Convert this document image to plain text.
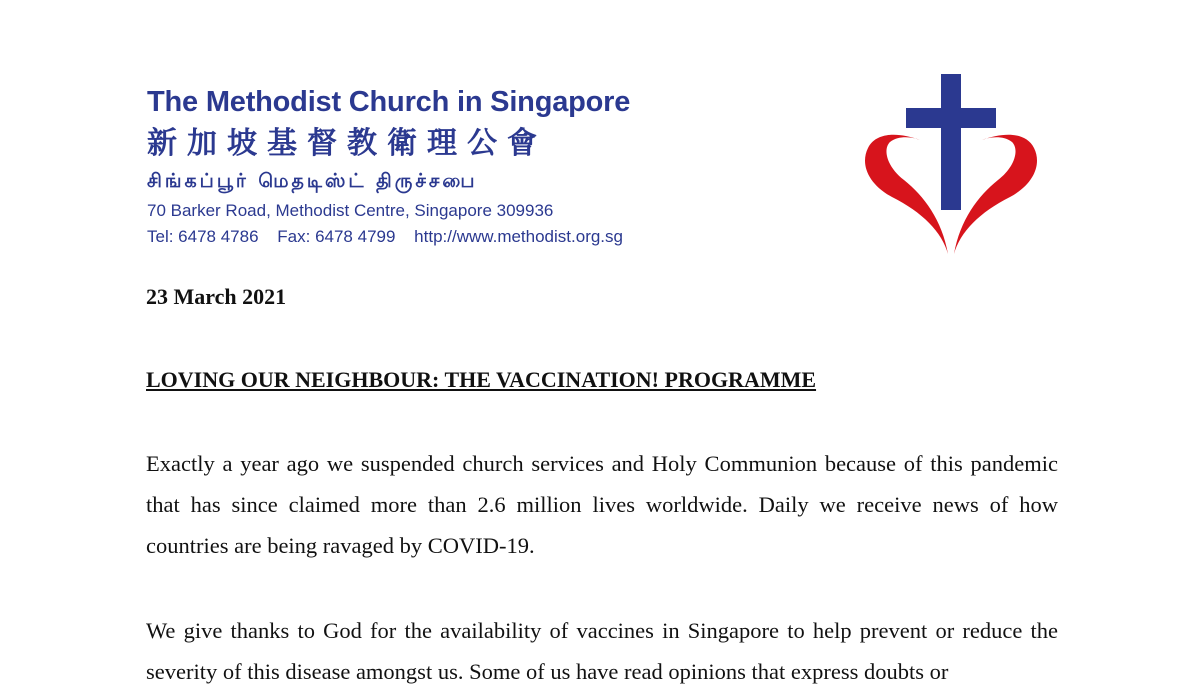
The Methodist Church in Singapore
新加坡基督教衛理公會
சிங்கப்பூர் மெதடிஸ்ட் திருச்சபை
70 Barker Road, Methodist Centre, Singapore 309936
Tel: 6478 4786 Fax: 6478 4799 http://www.methodist.org.sg
23 March 2021
LOVING OUR NEIGHBOUR: THE VACCINATION! PROGRAMME
Exactly a year ago we suspended church services and Holy Communion because of this pandemic that has since claimed more than 2.6 million lives worldwide. Daily we receive news of how countries are being ravaged by COVID-19.
We give thanks to God for the availability of vaccines in Singapore to help prevent or reduce the severity of this disease amongst us. Some of us have read opinions that express doubts or
